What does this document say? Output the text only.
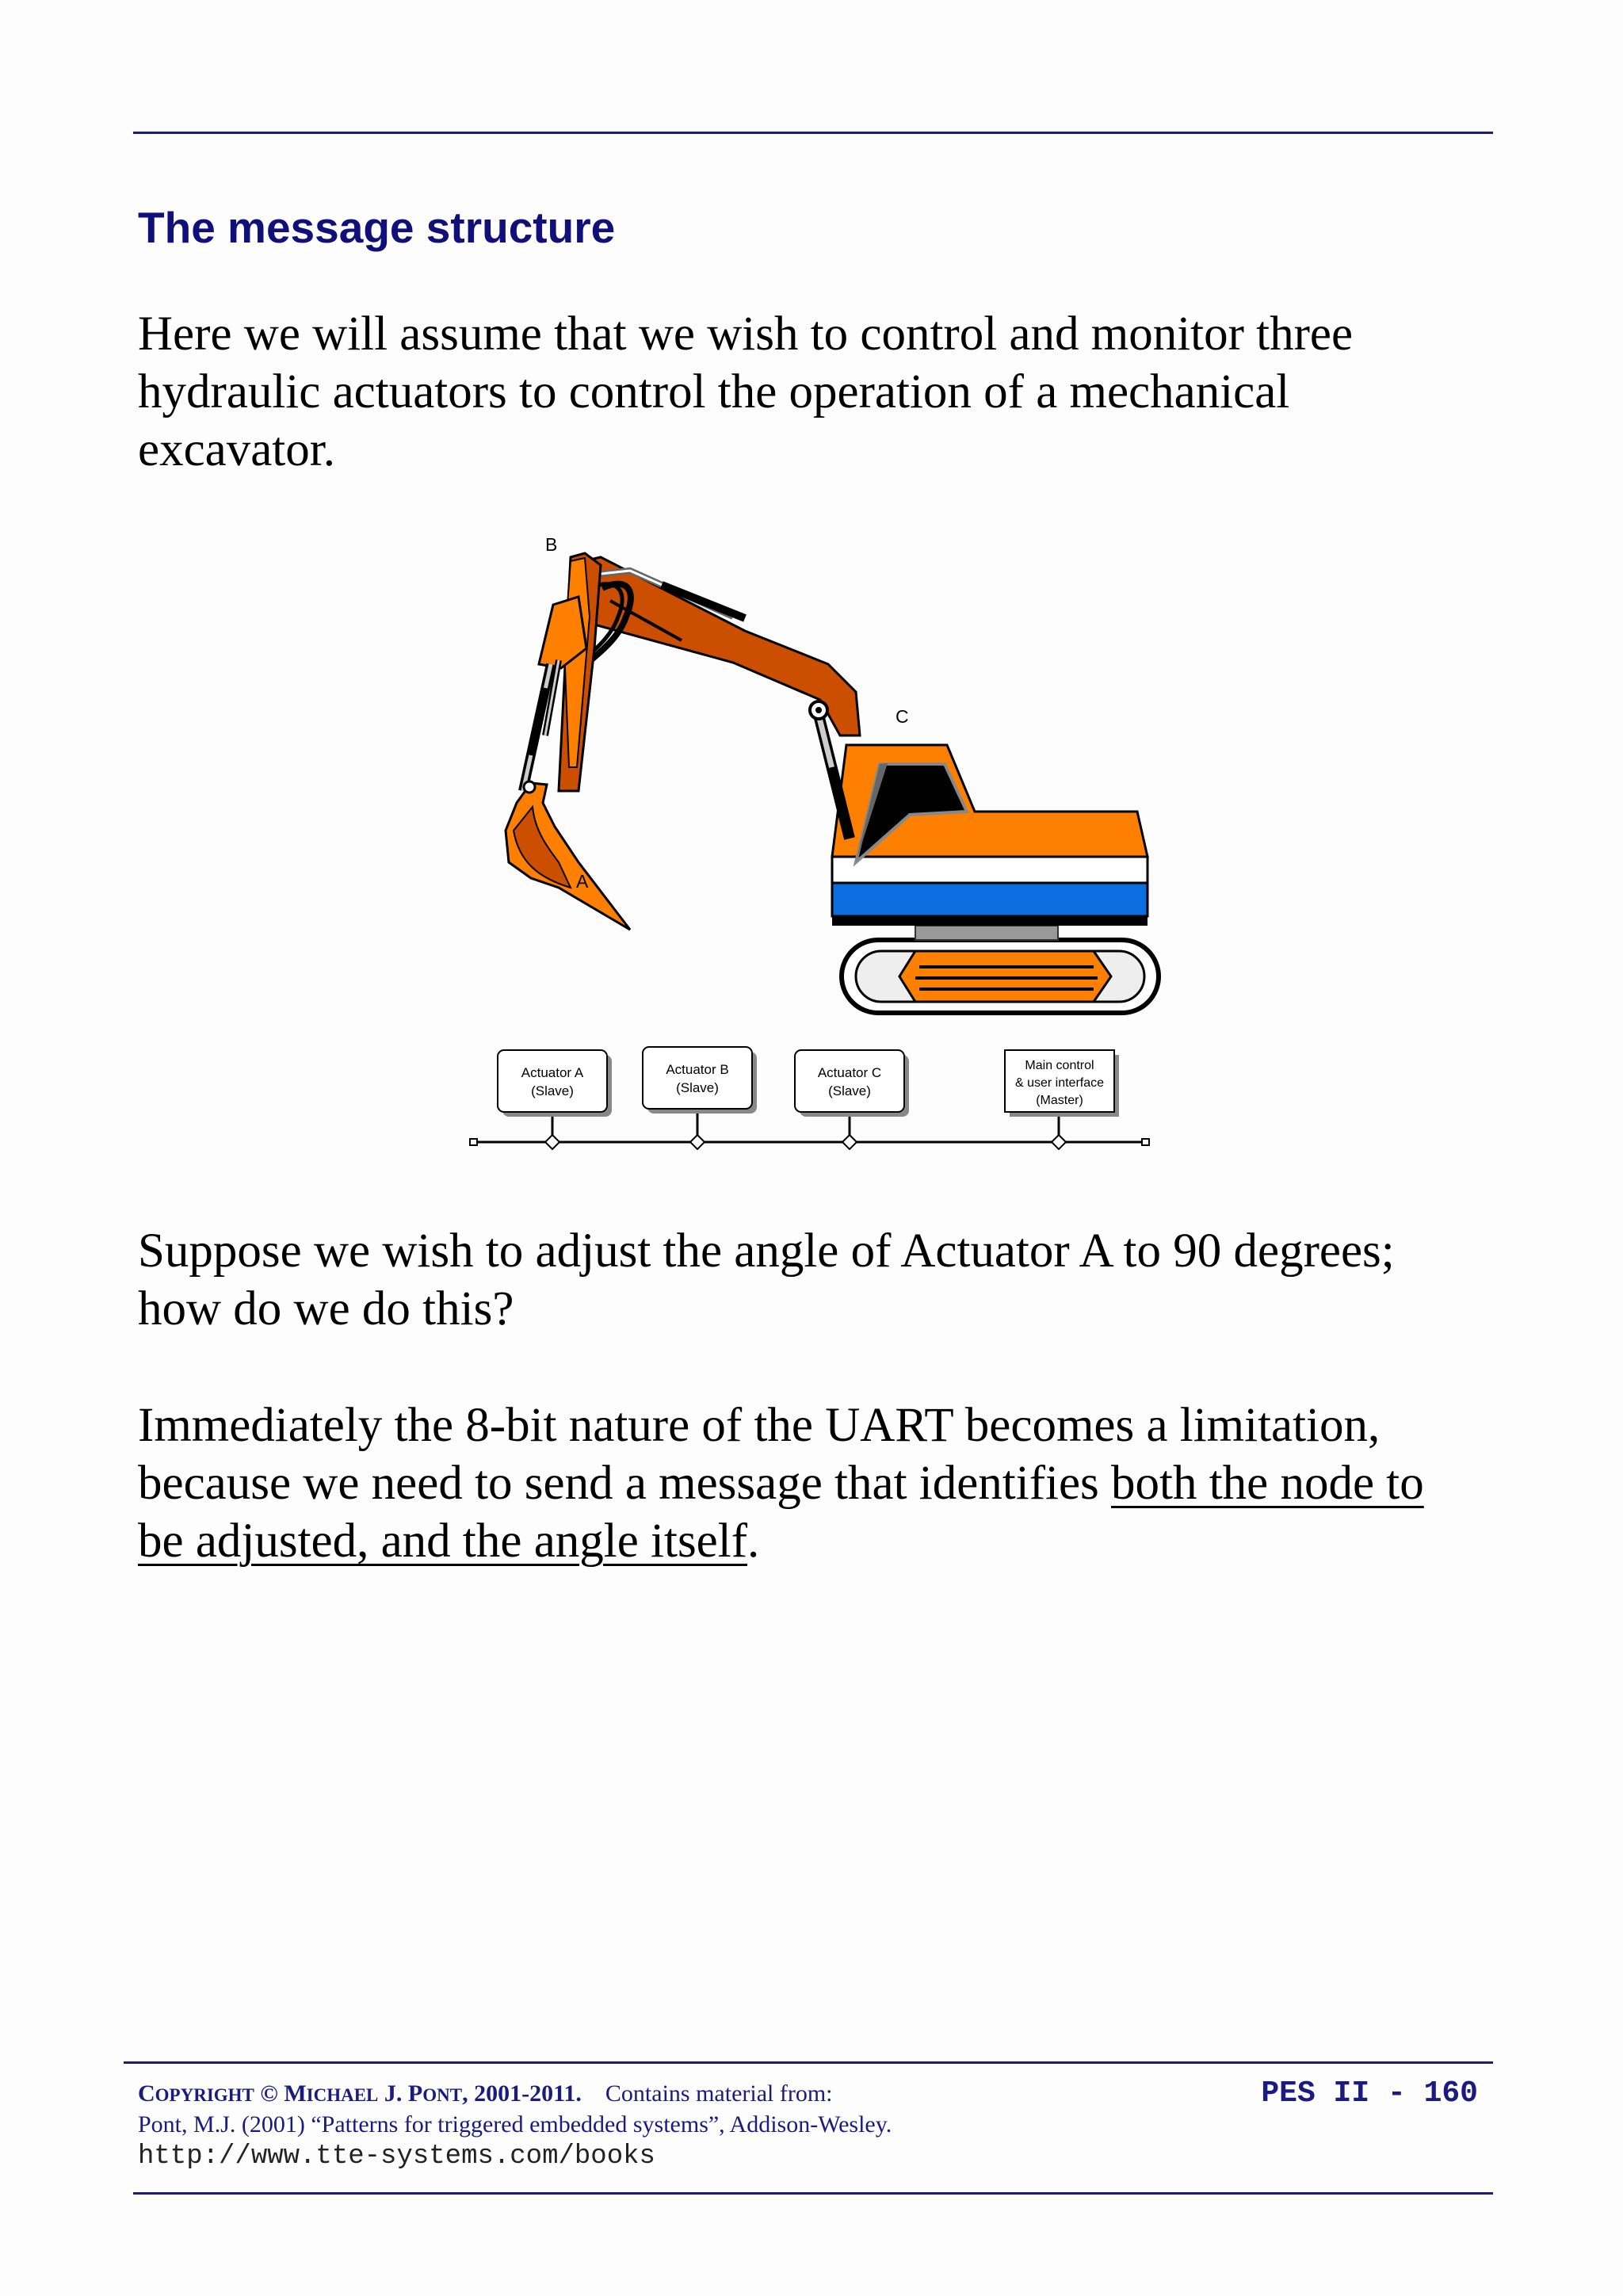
The message structure

Here we will assume that we wish to control and monitor three
hydraulic actuators to control the operation of a mechanical
excavator.

B
C
A
Actuator A
(Slave)
Actuator B
(Slave)
Actuator C
(Slave)
Main control
& user interface
(Master)

Suppose we wish to adjust the angle of Actuator A to 90 degrees;
how do we do this?

Immediately the 8-bit nature of the UART becomes a limitation,
because we need to send a message that identifies both the node to
be adjusted, and the angle itself.

COPYRIGHT © MICHAEL J. PONT, 2001-2011. Contains material from:
Pont, M.J. (2001) “Patterns for triggered embedded systems”, Addison-Wesley.
http://www.tte-systems.com/books
PES II - 160
